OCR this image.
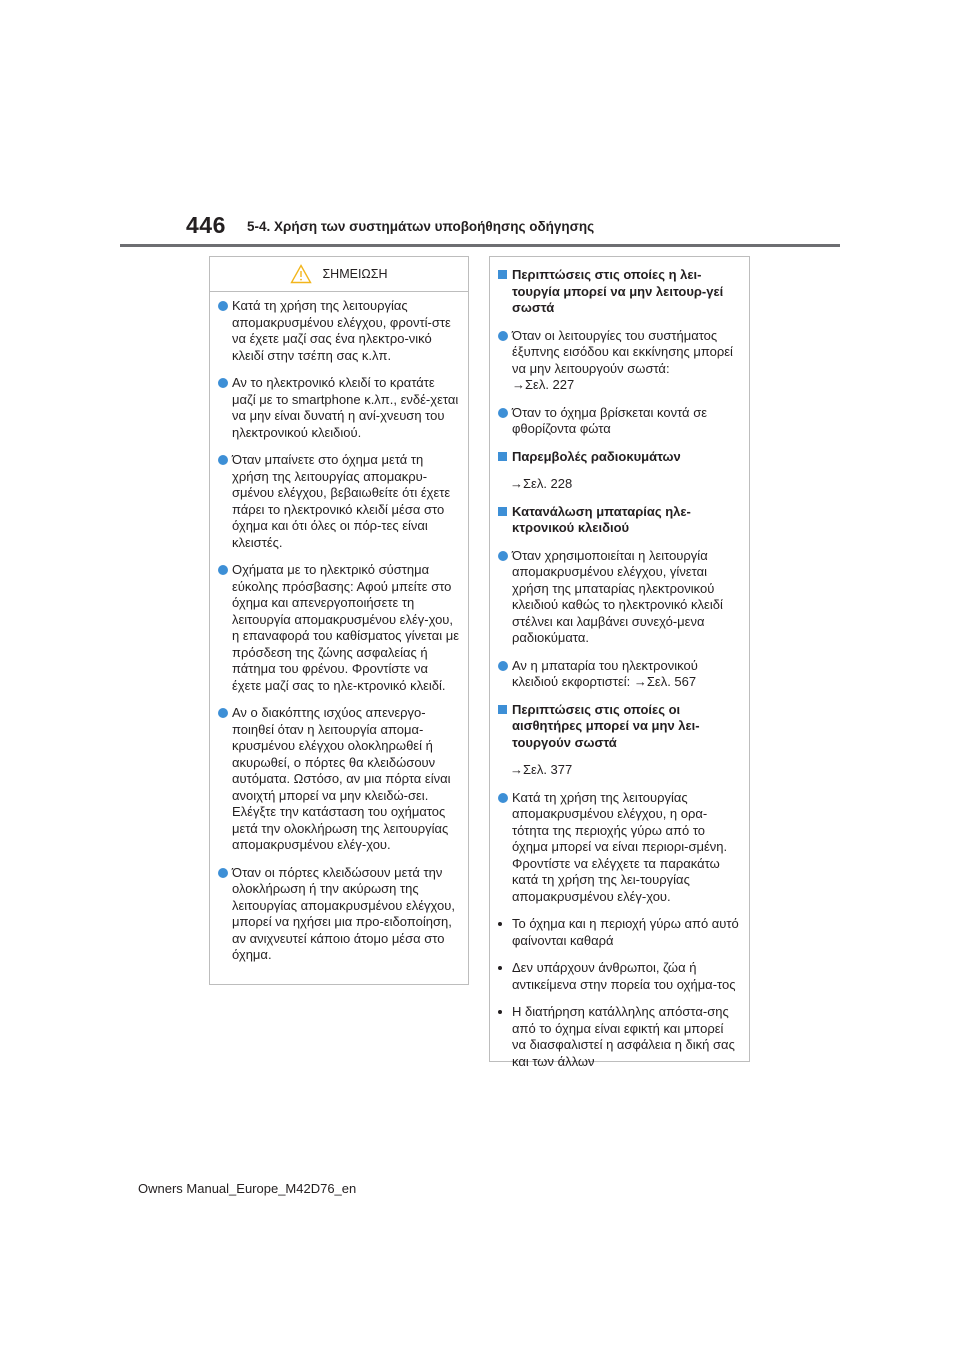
446 5-4. Χρήση των συστημάτων υποβοήθησης οδήγησης
ΣΗΜΕΙΩΣΗ
Κατά τη χρήση της λειτουργίας απομακρυσμένου ελέγχου, φροντί-στε να έχετε μαζί σας ένα ηλεκτρο-νικό κλειδί στην τσέπη σας κ.λπ.
Αν το ηλεκτρονικό κλειδί το κρατάτε μαζί με το smartphone κ.λπ., ενδέ-χεται να μην είναι δυνατή η ανί-χνευση του ηλεκτρονικού κλειδιού.
Όταν μπαίνετε στο όχημα μετά τη χρήση της λειτουργίας απομακρυ-σμένου ελέγχου, βεβαιωθείτε ότι έχετε πάρει το ηλεκτρονικό κλειδί μέσα στο όχημα και ότι όλες οι πόρ-τες είναι κλειστές.
Οχήματα με το ηλεκτρικό σύστημα εύκολης πρόσβασης: Αφού μπείτε στο όχημα και απενεργοποιήσετε τη λειτουργία απομακρυσμένου ελέγ-χου, η επαναφορά του καθίσματος γίνεται με πρόσδεση της ζώνης ασφαλείας ή πάτημα του φρένου. Φροντίστε να έχετε μαζί σας το ηλε-κτρονικό κλειδί.
Αν ο διακόπτης ισχύος απενεργο-ποιηθεί όταν η λειτουργία απομα-κρυσμένου ελέγχου ολοκληρωθεί ή ακυρωθεί, ο πόρτες θα κλειδώσουν αυτόματα. Ωστόσο, αν μια πόρτα είναι ανοιχτή μπορεί να μην κλειδώ-σει. Ελέγξτε την κατάσταση του οχήματος μετά την ολοκλήρωση της λειτουργίας απομακρυσμένου ελέγ-χου.
Όταν οι πόρτες κλειδώσουν μετά την ολοκλήρωση ή την ακύρωση της λειτουργίας απομακρυσμένου ελέγχου, μπορεί να ηχήσει μια προ-ειδοποίηση, αν ανιχνευτεί κάποιο άτομο μέσα στο όχημα.
Περιπτώσεις στις οποίες η λει-τουργία μπορεί να μην λειτουρ-γεί σωστά
Όταν οι λειτουργίες του συστήματος έξυπνης εισόδου και εκκίνησης μπορεί να μην λειτουργούν σωστά:
→Σελ. 227
Όταν το όχημα βρίσκεται κοντά σε φθορίζοντα φώτα
Παρεμβολές ραδιοκυμάτων
→Σελ. 228
Κατανάλωση μπαταρίας ηλε-κτρονικού κλειδιού
Όταν χρησιμοποιείται η λειτουργία απομακρυσμένου ελέγχου, γίνεται χρήση της μπαταρίας ηλεκτρονικού κλειδιού καθώς το ηλεκτρονικό κλειδί στέλνει και λαμβάνει συνεχό-μενα ραδιοκύματα.
Αν η μπαταρία του ηλεκτρονικού κλειδιού εκφορτιστεί: →Σελ. 567
Περιπτώσεις στις οποίες οι αισθητήρες μπορεί να μην λει-τουργούν σωστά
→Σελ. 377
Κατά τη χρήση της λειτουργίας απομακρυσμένου ελέγχου, η ορα-τότητα της περιοχής γύρω από το όχημα μπορεί να είναι περιορι-σμένη. Φροντίστε να ελέγχετε τα παρακάτω κατά τη χρήση της λει-τουργίας απομακρυσμένου ελέγ-χου.
Το όχημα και η περιοχή γύρω από αυτό φαίνονται καθαρά
Δεν υπάρχουν άνθρωποι, ζώα ή αντικείμενα στην πορεία του οχήμα-τος
Η διατήρηση κατάλληλης απόστα-σης από το όχημα είναι εφικτή και μπορεί να διασφαλιστεί η ασφάλεια η δική σας και των άλλων
Owners Manual_Europe_M42D76_en
